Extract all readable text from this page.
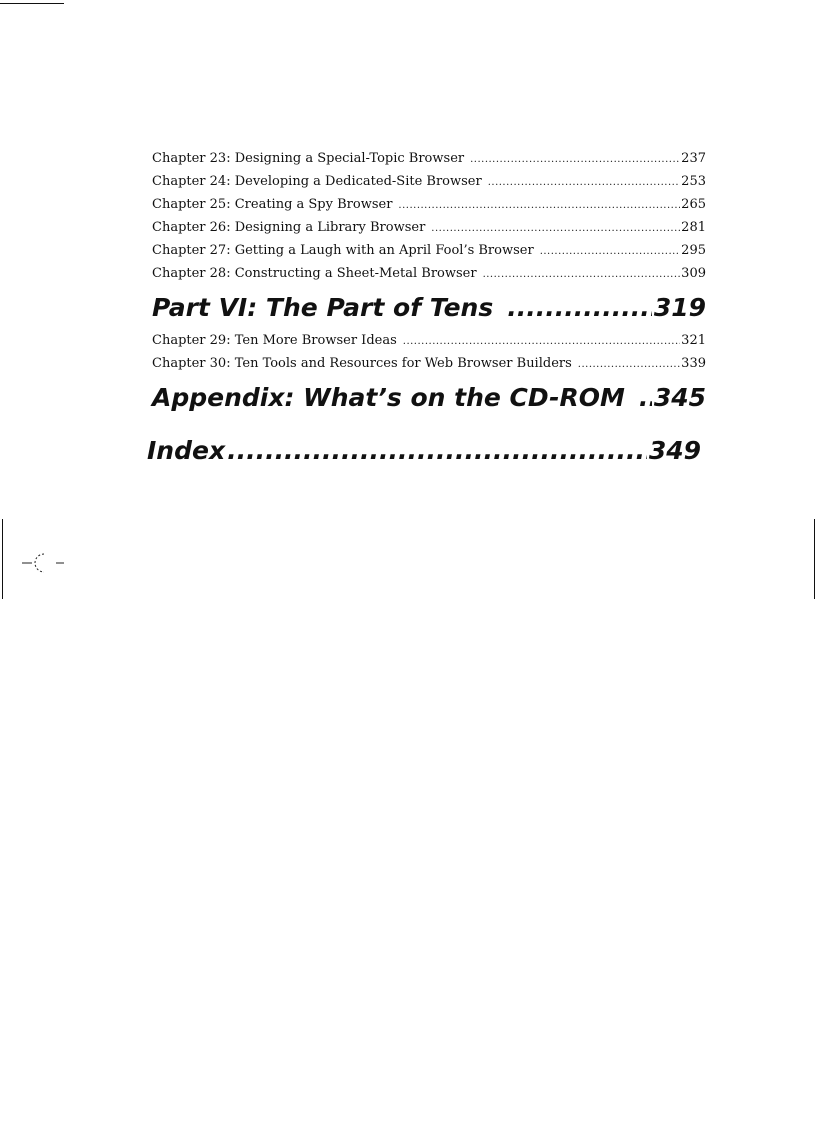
Chapter 23: Designing a Special-Topic Browser .....	237
Chapter 24: Developing a Dedicated-Site Browser .....	253
Chapter 25: Creating a Spy Browser .....	265
Chapter 26: Designing a Library Browser .....	281
Chapter 27: Getting a Laugh with an April Fool’s Browser .....	295
Chapter 28: Constructing a Sheet-Metal Browser .....	309
Part VI: The Part of Tens .....	319
Chapter 29: Ten More Browser Ideas .....	321
Chapter 30: Ten Tools and Resources for Web Browser Builders .....	339
Appendix: What’s on the CD-ROM ..... 345
Index .....	349
